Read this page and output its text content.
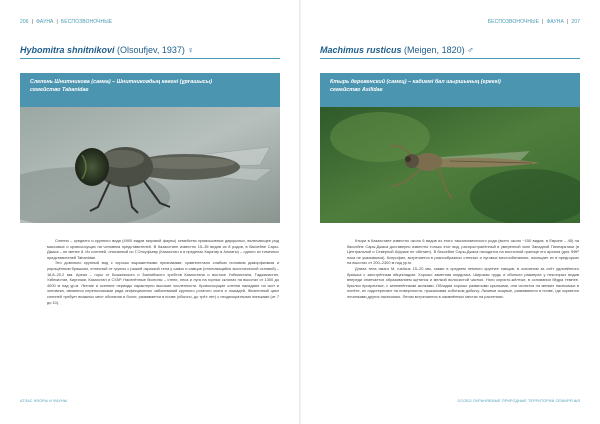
206 | ФАУНА | БЕСПОЗВОНОЧНЫЕ
Hybomitra shnitnikovi (Olsoufjev, 1937) ♀
Слепень Шнитникова (самка) – Шнитниковдың көгені (ұрғашысы)
семейство Tabanidae

Слепни – среднего и крупного вида (4900 видов мировой фауны) семейство прямошовных двукрылых, включающее рид массовых и кровососущих на человека представителей. В Казахстане известно 15–35 видов из 8 родов, в бассейне Сары-Джаса – не менее 8. Из слепней, описанный по Г.Олсуфьеву (Казахстан и в пределах Каратау в Алматы) – одного из типичных представителей Tabanidae.

Это довольно крупный вид с хорошо выраженными признаками; сравнительно слабым половым диморфизмом и упрощённым бряшком, отличный от группы с рыжей окраской тела у самок и самцов (отличающийся экологической основой) – 16,8–20,2 мм. Ареал – горы от Бишкекского и Заилийского хребтов Казахстана и востоке Узбекистана, Таджикистан, Узбекистан, Киргизии, Казахстан и СУАР. Населённые биотопы – степи, леса и луга на горных склонах на высотах от 1300 до 4000 м над ур.м. Летние и осенние периоды характерно высокие численности. Кровососущие слепни нападают на скот и человека, являются переносчиками ряда инфекционных заболеваний крупного рогатого скота и лошадей. Жизненный цикл слепней требует влажных мест обитания и болот, развивается в почве (обычно, до трёх лет) с неоднократными линьками (от 7 до 10).

АТЛАС ФЛОРЫ И ФАУНЫ
БЕСПОЗВОНОЧНЫЕ | ФАУНА | 207
Machimus rusticus (Meigen, 1820) ♂
Ктырь деревенский (самец) – кадимгі бал шыршының (еркегі)
семейство Asilidae

Ктыри в Казахстане известно около 6 видов из этого таксономического рода (всего около ~150 видов, в Европе – 45) на бассейне Сары-Джаса доставерно известно только этот вид, распространённый в умеренной зоне Западной Палеарктики (в Центральной и Северной Африке не обитает). В бассейне Сары-Джаса находится на восточной границе его ареала (для ФИР пока не указывался). Ксерофил, встречается в разнообразных степных и луговых местообитаниях, посещает их в предгорьях на высотах от 200–2300 м над ур.м.

Длина тела имаго M. rusticus 15–20 мм, самки в среднем немного крупнее самцов, в основном за счёт удлинённого брюшка с заострённым яйцекладом. Хорошо заметная мордочка. Широкая грудь и обильно размерах у некоторых видов впереди отмечается образованием щетинок и мелкой волосистой частью. Ноги охристо-жёлтые, в основании бёдра темнее. Крылья прозрачные, с затемнёнными жилками. Обладая хорошо развитыми крыльями, они охотятся на мелких насекомых в полёте, их подстерегают на поверхности, прокалывая хоботком добычу. Личинки хищные, развиваются в почве, где кормятся личинками других насекомых. Летом встречаются в оживлённых местах на растениях.

ОСОБО ОХРАНЯЕМЫЕ ПРИРОДНЫЕ ТЕРРИТОРИИ СЕМИРЕЧЬЯ
